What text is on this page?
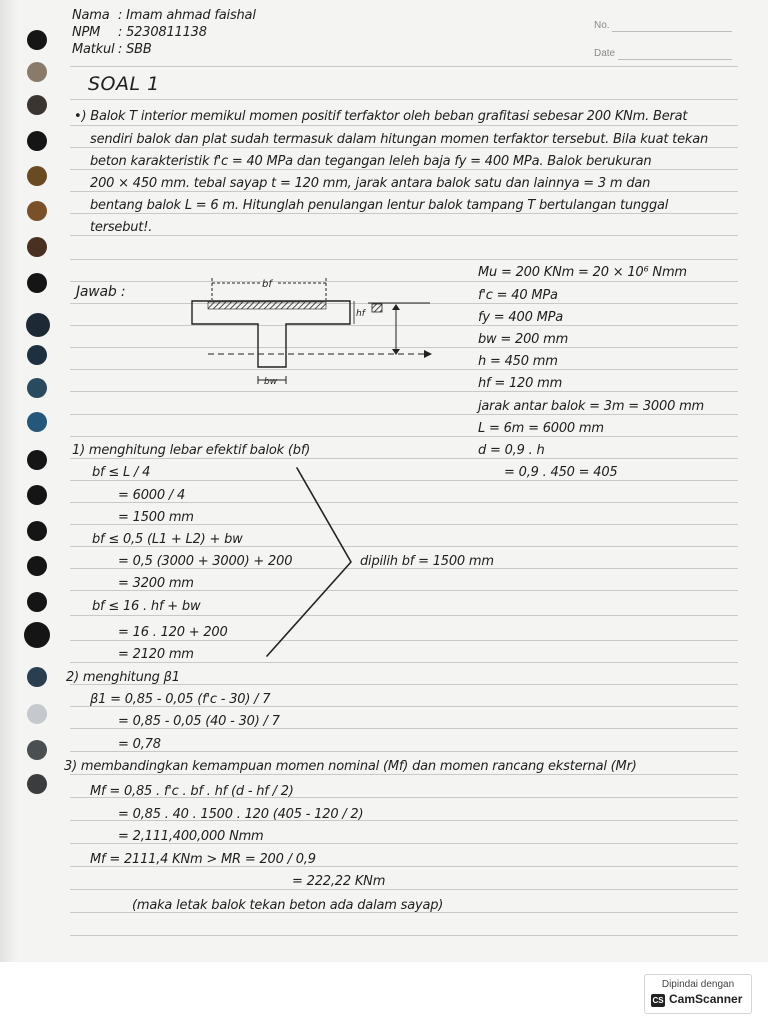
No.
Date
Nama : Imam ahmad faishal
NPM : 5230811138
Matkul : SBB
SOAL 1
•) Balok T interior memikul momen positif terfaktor oleh beban grafitasi sebesar 200 KNm. Berat
sendiri balok dan plat sudah termasuk dalam hitungan momen terfaktor tersebut. Bila kuat tekan
beton karakteristik f'c = 40 MPa dan tegangan leleh baja fy = 400 MPa. Balok berukuran
200 × 450 mm. tebal sayap t = 120 mm, jarak antara balok satu dan lainnya = 3 m dan
bentang balok L = 6 m. Hitunglah penulangan lentur balok tampang T bertulangan tunggal
tersebut!.
Jawab :	bf
hf
bw
Mu = 200 KNm = 20 × 10⁶ Nmm
f'c = 40 MPa
fy = 400 MPa
bw = 200 mm
h = 450 mm
hf = 120 mm
jarak antar balok = 3m = 3000 mm
L = 6m = 6000 mm
d = 0,9 . h
= 0,9 . 450 = 405
1) menghitung lebar efektif balok (bf)
bf ≤ L / 4
= 6000 / 4
= 1500 mm
bf ≤ 0,5 (L1 + L2) + bw
= 0,5 (3000 + 3000) + 200
= 3200 mm
bf ≤ 16 . hf + bw
= 16 . 120 + 200
= 2120 mm
dipilih bf = 1500 mm
2) menghitung β1
β1 = 0,85 - 0,05 (f'c - 30) / 7
= 0,85 - 0,05 (40 - 30) / 7
= 0,78
3) membandingkan kemampuan momen nominal (Mf) dan momen rancang eksternal (Mr)
Mf = 0,85 . f'c . bf . hf (d - hf / 2)
= 0,85 . 40 . 1500 . 120 (405 - 120 / 2)
= 2,111,400,000 Nmm
Mf = 2111,4 KNm > MR = 200 / 0,9
= 222,22 KNm
(maka letak balok tekan beton ada dalam sayap)
Dipindai dengan
CS CamScanner
